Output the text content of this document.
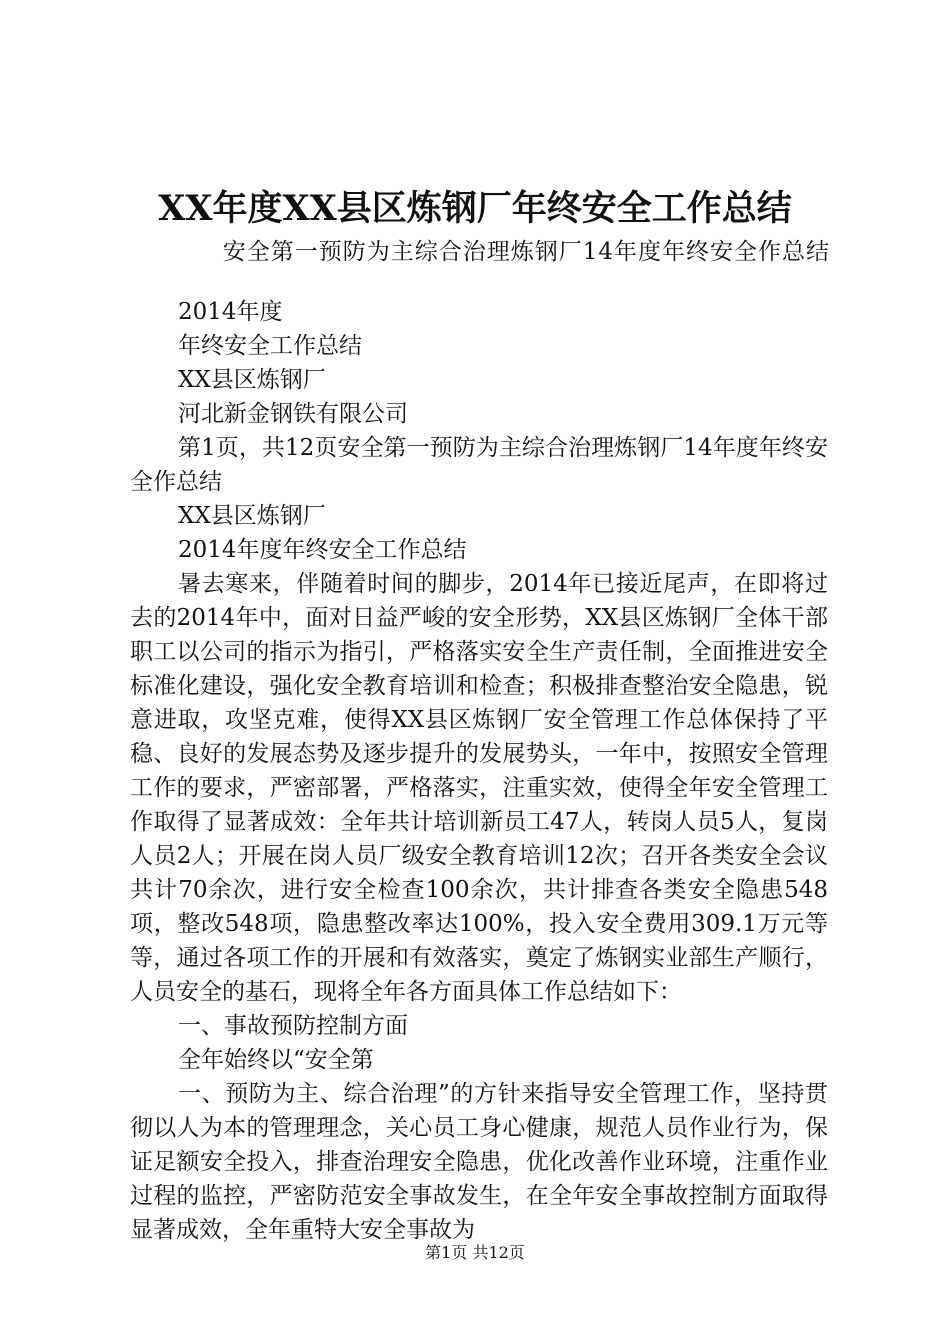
XX年度XX县区炼钢厂年终安全工作总结
安全第一预防为主综合治理炼钢厂14年度年终安全作总结

2014年度

年终安全工作总结

XX县区炼钢厂

河北新金钢铁有限公司

第1页，共12页安全第一预防为主综合治理炼钢厂14年度年终安全作总结

XX县区炼钢厂

2014年度年终安全工作总结

暑去寒来，伴随着时间的脚步，2014年已接近尾声，在即将过去的2014年中，面对日益严峻的安全形势，XX县区炼钢厂全体干部职工以公司的指示为指引，严格落实安全生产责任制，全面推进安全标准化建设，强化安全教育培训和检查；积极排查整治安全隐患，锐意进取，攻坚克难，使得XX县区炼钢厂安全管理工作总体保持了平稳、良好的发展态势及逐步提升的发展势头，一年中，按照安全管理工作的要求，严密部署，严格落实，注重实效，使得全年安全管理工作取得了显著成效：全年共计培训新员工47人，转岗人员5人，复岗人员2人；开展在岗人员厂级安全教育培训12次；召开各类安全会议共计70余次，进行安全检查100余次，共计排查各类安全隐患548项，整改548项，隐患整改率达100%，投入安全费用309.1万元等等，通过各项工作的开展和有效落实，奠定了炼钢实业部生产顺行，人员安全的基石，现将全年各方面具体工作总结如下：

一、事故预防控制方面

全年始终以“安全第

一、预防为主、综合治理”的方针来指导安全管理工作，坚持贯彻以人为本的管理理念，关心员工身心健康，规范人员作业行为，保证足额安全投入，排查治理安全隐患，优化改善作业环境，注重作业过程的监控，严密防范安全事故发生，在全年安全事故控制方面取得显著成效，全年重特大安全事故为

第1页 共12页
